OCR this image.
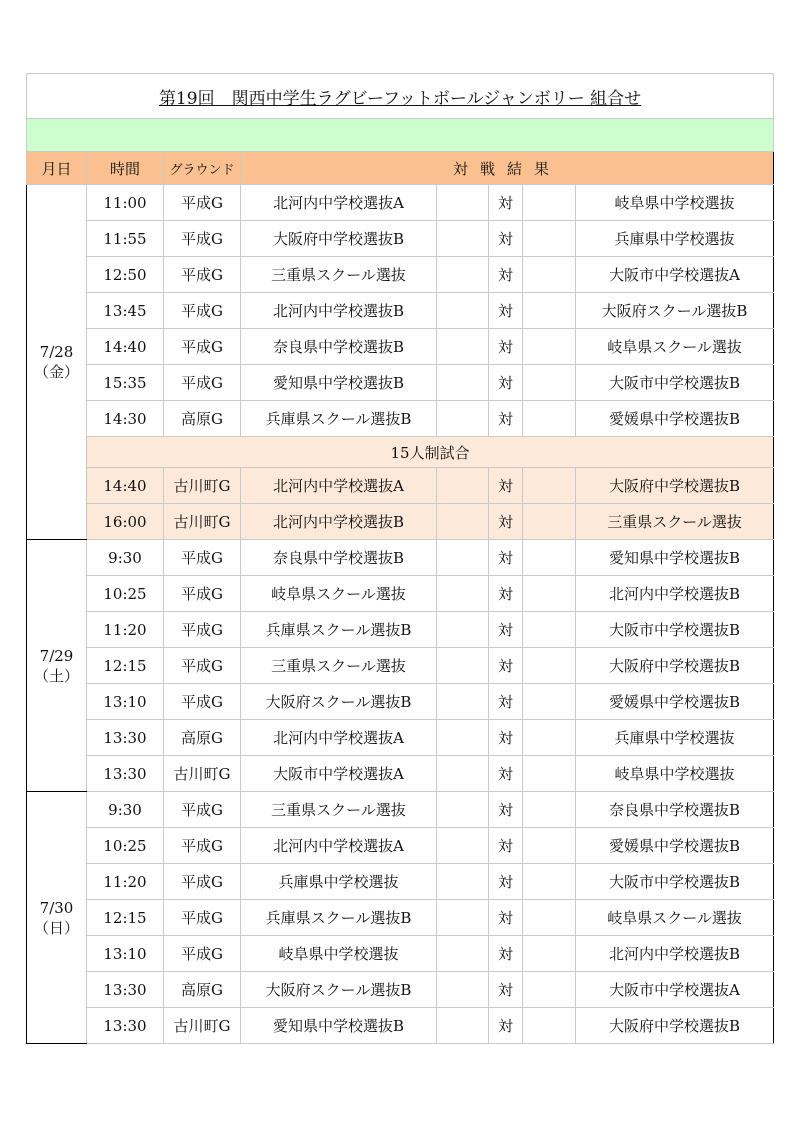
第19回　関西中学生ラグビーフットボールジャンボリー 組合せ							

月日	時間	グラウンド	対戦結果				

7/28
（金）	11:00	平成G	北河内中学校選抜A		対		岐阜県中学校選抜
	11:55	平成G	大阪府中学校選抜B		対		兵庫県中学校選抜
	12:50	平成G	三重県スクール選抜		対		大阪市中学校選抜A
	13:45	平成G	北河内中学校選抜B		対		大阪府スクール選抜B
	14:40	平成G	奈良県中学校選抜B		対		岐阜県スクール選抜
	15:35	平成G	愛知県中学校選抜B		対		大阪市中学校選抜B
	14:30	高原G	兵庫県スクール選抜B		対		愛媛県中学校選抜B
	15人制試合						
	14:40	古川町G	北河内中学校選抜A		対		大阪府中学校選抜B
	16:00	古川町G	北河内中学校選抜B		対		三重県スクール選抜

7/29
（土）	9:30	平成G	奈良県中学校選抜B		対		愛知県中学校選抜B
	10:25	平成G	岐阜県スクール選抜		対		北河内中学校選抜B
	11:20	平成G	兵庫県スクール選抜B		対		大阪市中学校選抜B
	12:15	平成G	三重県スクール選抜		対		大阪府中学校選抜B
	13:10	平成G	大阪府スクール選抜B		対		愛媛県中学校選抜B
	13:30	高原G	北河内中学校選抜A		対		兵庫県中学校選抜
	13:30	古川町G	大阪市中学校選抜A		対		岐阜県中学校選抜

7/30
（日）	9:30	平成G	三重県スクール選抜		対		奈良県中学校選抜B
	10:25	平成G	北河内中学校選抜A		対		愛媛県中学校選抜B
	11:20	平成G	兵庫県中学校選抜		対		大阪市中学校選抜B
	12:15	平成G	兵庫県スクール選抜B		対		岐阜県スクール選抜
	13:10	平成G	岐阜県中学校選抜		対		北河内中学校選抜B
	13:30	高原G	大阪府スクール選抜B		対		大阪市中学校選抜A
	13:30	古川町G	愛知県中学校選抜B		対		大阪府中学校選抜B
